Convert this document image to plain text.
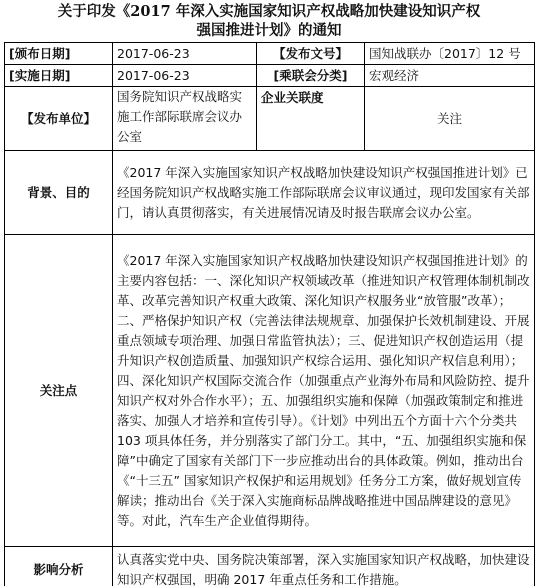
关于印发《2017 年深入实施国家知识产权战略加快建设知识产权
强国推进计划》的通知
[颁布日期]	2017-06-23	【发布文号】	国知战联办〔2017〕12 号
[实施日期]	2017-06-23	[乘联会分类]	宏观经济
【发布单位】	国务院知识产权战略实施工作部际联席会议办公室	企业关联度	关注
背景、目的	《2017 年深入实施国家知识产权战略加快建设知识产权强国推进计划》已经国务院知识产权战略实施工作部际联席会议审议通过，现印发国家有关部门，请认真贯彻落实，有关进展情况请及时报告联席会议办公室。		
关注点	《2017 年深入实施国家知识产权战略加快建设知识产权强国推进计划》的主要内容包括：一、深化知识产权领域改革（推进知识产权管理体制机制改革、改革完善知识产权重大政策、深化知识产权服务业“放管服”改革）；二、严格保护知识产权（完善法律法规规章、加强保护长效机制建设、开展重点领域专项治理、加强日常监管执法）；三、促进知识产权创造运用（提升知识产权创造质量、加强知识产权综合运用、强化知识产权信息利用）；四、深化知识产权国际交流合作（加强重点产业海外布局和风险防控、提升知识产权对外合作水平）；五、加强组织实施和保障（加强政策制定和推进落实、加强人才培养和宣传引导）。《计划》中列出五个方面十六个分类共 103 项具体任务，并分别落实了部门分工。其中，“五、加强组织实施和保障”中确定了国家有关部门下一步应推动出台的具体政策。例如，推动出台《“十三五” 国家知识产权保护和运用规划》任务分工方案，做好规划宣传解读；推动出台《关于深入实施商标品牌战略推进中国品牌建设的意见》等。对此，汽车生产企业值得期待。		
影响分析	认真落实党中央、国务院决策部署，深入实施国家知识产权战略，加快建设知识产权强国，明确 2017 年重点任务和工作措施。		
